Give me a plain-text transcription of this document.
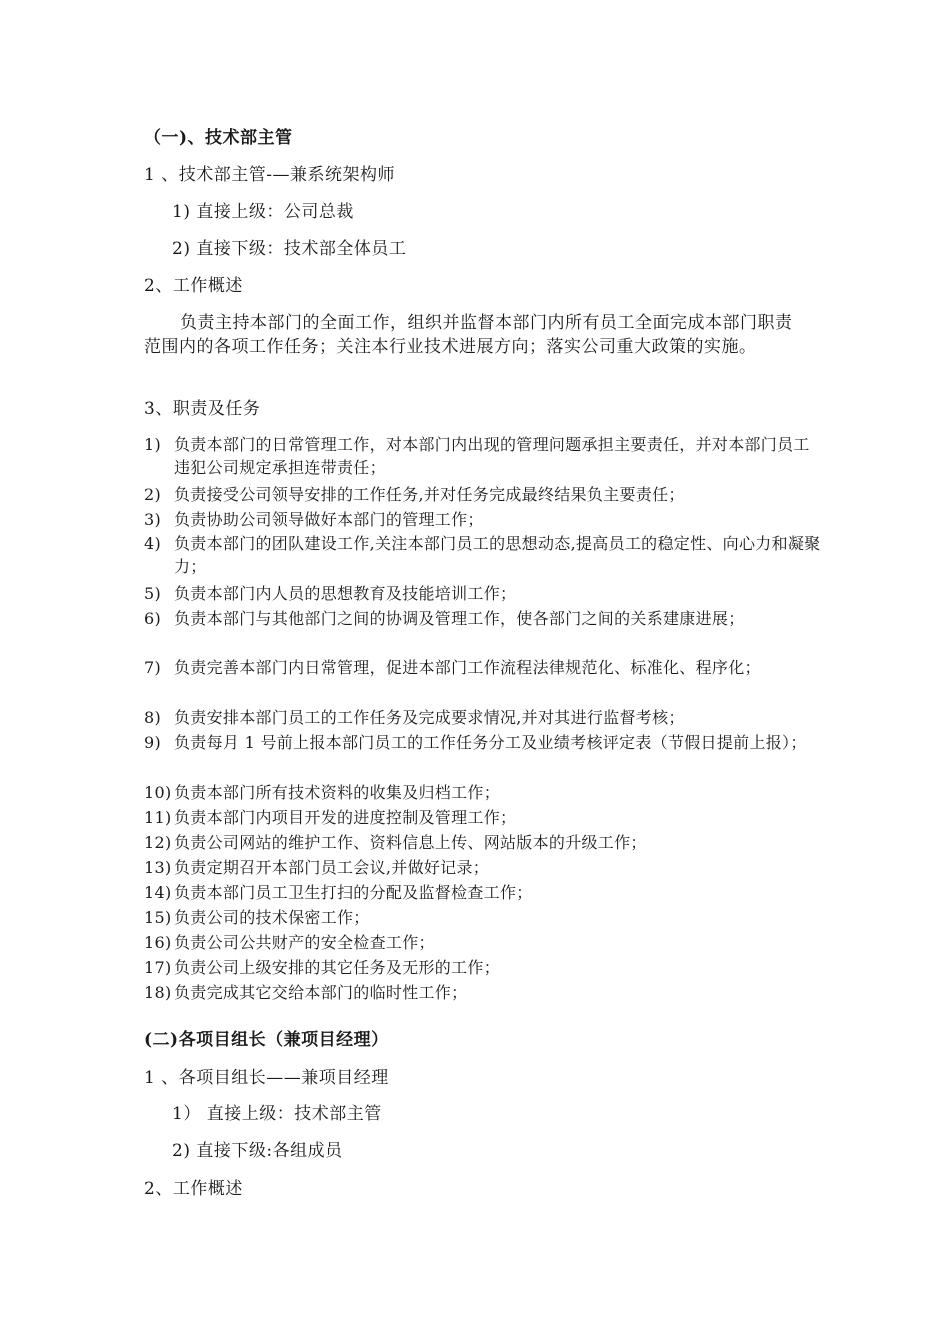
（一)、技术部主管
1 、技术部主管-—兼系统架构师
1) 直接上级：公司总裁
2) 直接下级：技术部全体员工
2、工作概述
负责主持本部门的全面工作，组织并监督本部门内所有员工全面完成本部门职责范围内的各项工作任务；关注本行业技术进展方向；落实公司重大政策的实施。
3、职责及任务
1) 负责本部门的日常管理工作，对本部门内出现的管理问题承担主要责任，并对本部门员工违犯公司规定承担连带责任；
2) 负责接受公司领导安排的工作任务,并对任务完成最终结果负主要责任；
3) 负责协助公司领导做好本部门的管理工作；
4) 负责本部门的团队建设工作,关注本部门员工的思想动态,提高员工的稳定性、向心力和凝聚力；
5) 负责本部门内人员的思想教育及技能培训工作；
6) 负责本部门与其他部门之间的协调及管理工作，使各部门之间的关系建康进展；
7) 负责完善本部门内日常管理，促进本部门工作流程法律规范化、标准化、程序化；
8) 负责安排本部门员工的工作任务及完成要求情况,并对其进行监督考核；
9) 负责每月 1 号前上报本部门员工的工作任务分工及业绩考核评定表（节假日提前上报）；
10) 负责本部门所有技术资料的收集及归档工作；
11) 负责本部门内项目开发的进度控制及管理工作；
12) 负责公司网站的维护工作、资料信息上传、网站版本的升级工作；
13) 负责定期召开本部门员工会议,并做好记录；
14) 负责本部门员工卫生打扫的分配及监督检查工作；
15) 负责公司的技术保密工作；
16) 负责公司公共财产的安全检查工作；
17) 负责公司上级安排的其它任务及无形的工作；
18) 负责完成其它交给本部门的临时性工作；
(二)各项目组长（兼项目经理）
1 、各项目组长——兼项目经理
1） 直接上级：技术部主管
2) 直接下级:各组成员
2、工作概述
